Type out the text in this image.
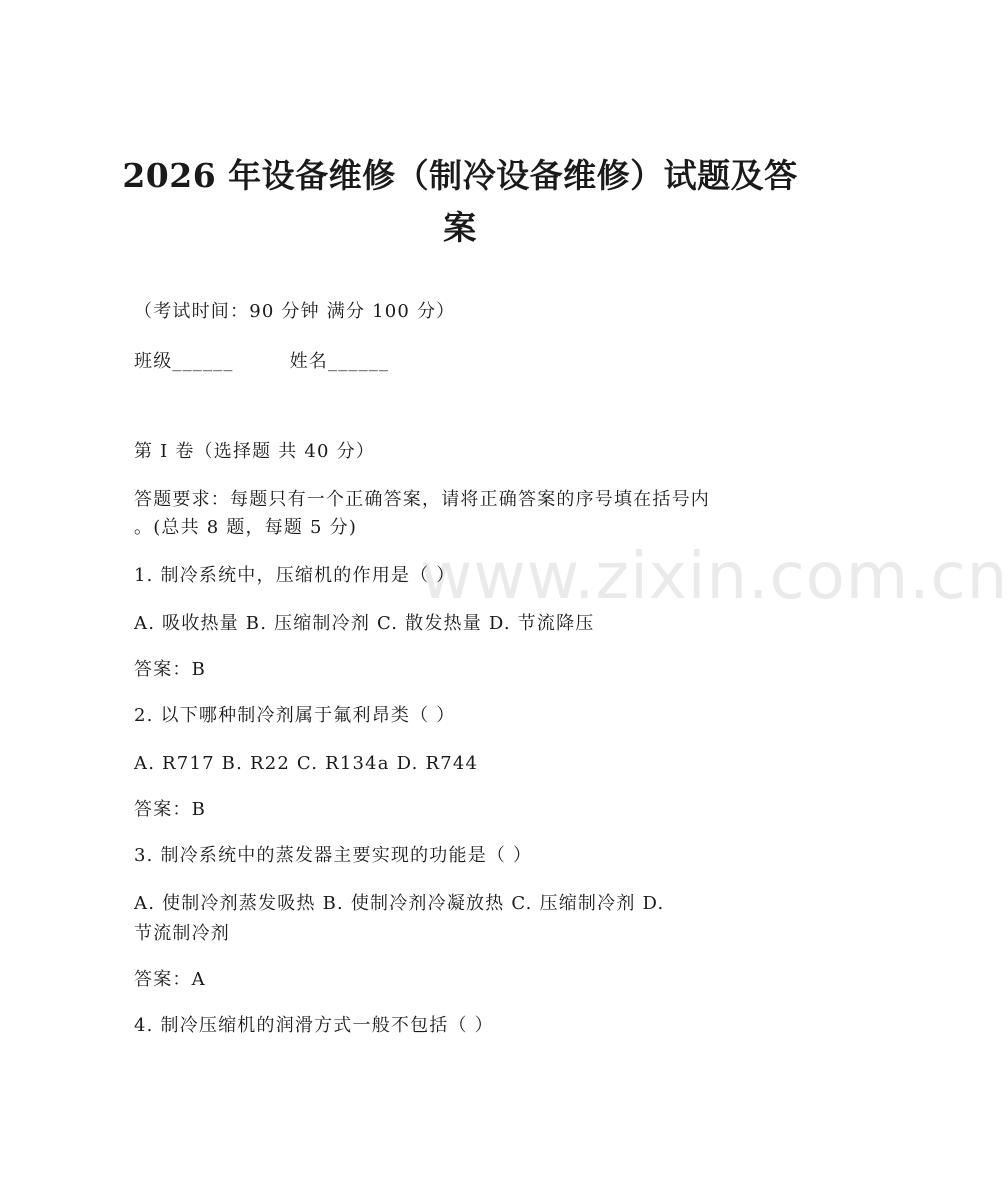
www.zixin.com.cn
2026 年设备维修（制冷设备维修）试题及答
案
（考试时间：90 分钟 满分 100 分）
班级______	姓名______
第 I 卷（选择题 共 40 分）
答题要求：每题只有一个正确答案，请将正确答案的序号填在括号内
。(总共 8 题，每题 5 分)
1. 制冷系统中，压缩机的作用是（ ）
A. 吸收热量 B. 压缩制冷剂 C. 散发热量 D. 节流降压
答案：B
2. 以下哪种制冷剂属于氟利昂类（ ）
A. R717 B. R22 C. R134a D. R744
答案：B
3. 制冷系统中的蒸发器主要实现的功能是（ ）
A. 使制冷剂蒸发吸热 B. 使制冷剂冷凝放热 C. 压缩制冷剂 D.
节流制冷剂
答案：A
4. 制冷压缩机的润滑方式一般不包括（ ）
